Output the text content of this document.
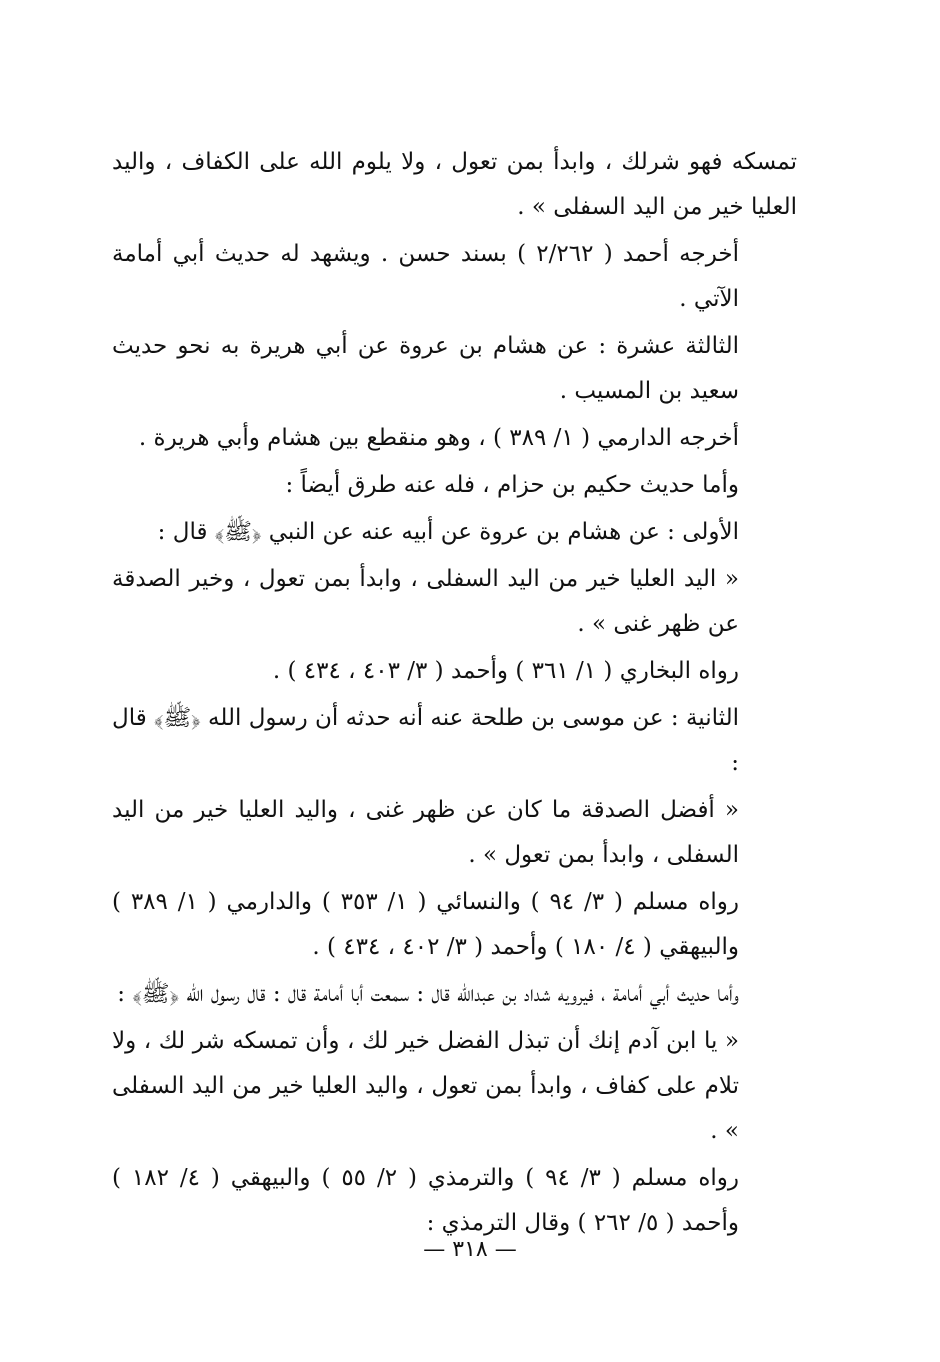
تمسكه فهو شرلك ، وابدأ بمن تعول ، ولا يلوم الله على الكفاف ، واليد العليا خير من اليد السفلى » .

أخرجه أحمد ( ٢/٢٦٢ ) بسند حسن . ويشهد له حديث أبي أمامة الآتي .

الثالثة عشرة : عن هشام بن عروة عن أبي هريرة به نحو حديث سعيد بن المسيب .

أخرجه الدارمي ( ١/ ٣٨٩ ) ، وهو منقطع بين هشام وأبي هريرة .

وأما حديث حكيم بن حزام ، فله عنه طرق أيضاً :

الأولى : عن هشام بن عروة عن أبيه عنه عن النبي ﴿ﷺ﴾ قال :

« اليد العليا خير من اليد السفلى ، وابدأ بمن تعول ، وخير الصدقة عن ظهر غنى » .

رواه البخاري ( ١/ ٣٦١ ) وأحمد ( ٣/ ٤٠٣ ، ٤٣٤ ) .

الثانية : عن موسى بن طلحة عنه أنه حدثه أن رسول الله ﴿ﷺ﴾ قال :

« أفضل الصدقة ما كان عن ظهر غنى ، واليد العليا خير من اليد السفلى ، وابدأ بمن تعول » .

رواه مسلم ( ٣/ ٩٤ ) والنسائي ( ١/ ٣٥٣ ) والدارمي ( ١/ ٣٨٩ ) والبيهقي ( ٤/ ١٨٠ ) وأحمد ( ٣/ ٤٠٢ ، ٤٣٤ ) .

وأما حديث أبي أمامة ، فيرويه شداد بن عبدالله قال : سمعت أبا أمامة قال : قال رسول الله ﴿ﷺ﴾ :

« يا ابن آدم إنك أن تبذل الفضل خير لك ، وأن تمسكه شر لك ، ولا تلام على كفاف ، وابدأ بمن تعول ، واليد العليا خير من اليد السفلى » .

رواه مسلم ( ٣/ ٩٤ ) والترمذي ( ٢/ ٥٥ ) والبيهقي ( ٤/ ١٨٢ ) وأحمد ( ٥/ ٢٦٢ ) وقال الترمذي :

— ٣١٨ —
